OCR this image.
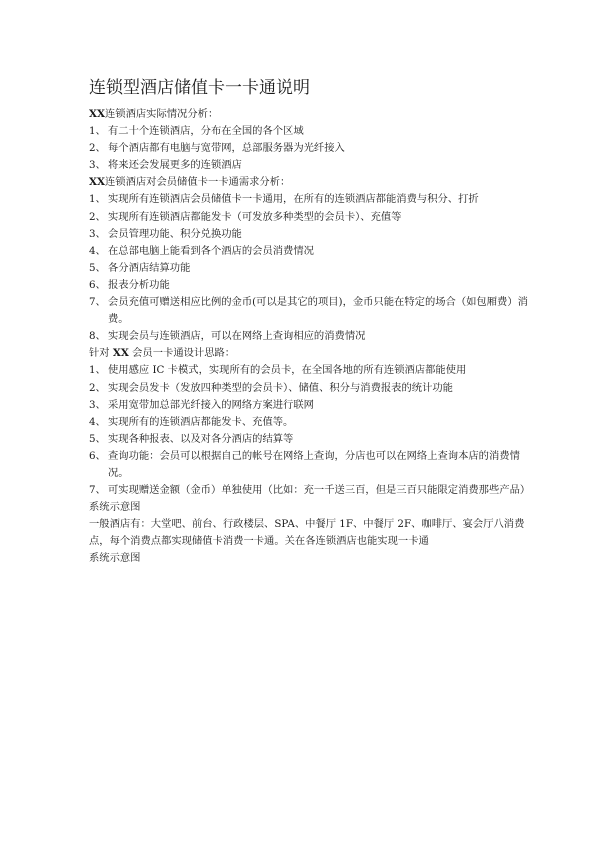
连锁型酒店储值卡一卡通说明
XX连锁酒店实际情况分析：
1、 有二十个连锁酒店，分布在全国的各个区域
2、 每个酒店都有电脑与宽带网，总部服务器为光纤接入
3、 将来还会发展更多的连锁酒店
XX连锁酒店对会员储值卡一卡通需求分析：
1、 实现所有连锁酒店会员储值卡一卡通用，在所有的连锁酒店都能消费与积分、打折
2、 实现所有连锁酒店都能发卡（可发放多种类型的会员卡）、充值等
3、 会员管理功能、积分兑换功能
4、 在总部电脑上能看到各个酒店的会员消费情况
5、 各分酒店结算功能
6、 报表分析功能
7、 会员充值可赠送相应比例的金币(可以是其它的项目)，金币只能在特定的场合（如包厢费）消费。
8、 实现会员与连锁酒店，可以在网络上查询相应的消费情况
针对 XX 会员一卡通设计思路：
1、 使用感应 IC 卡模式，实现所有的会员卡，在全国各地的所有连锁酒店都能使用
2、 实现会员发卡（发放四种类型的会员卡）、储值、积分与消费报表的统计功能
3、 采用宽带加总部光纤接入的网络方案进行联网
4、 实现所有的连锁酒店都能发卡、充值等。
5、 实现各种报表、以及对各分酒店的结算等
6、 查询功能：会员可以根据自己的帐号在网络上查询，分店也可以在网络上查询本店的消费情况。
7、 可实现赠送金额（金币）单独使用（比如：充一千送三百，但是三百只能限定消费那些产品）
系统示意图
一般酒店有：大堂吧、前台、行政楼层、SPA、中餐厅 1F、中餐厅 2F、咖啡厅、宴会厅八消费点，每个消费点都实现储值卡消费一卡通。关在各连锁酒店也能实现一卡通
系统示意图
